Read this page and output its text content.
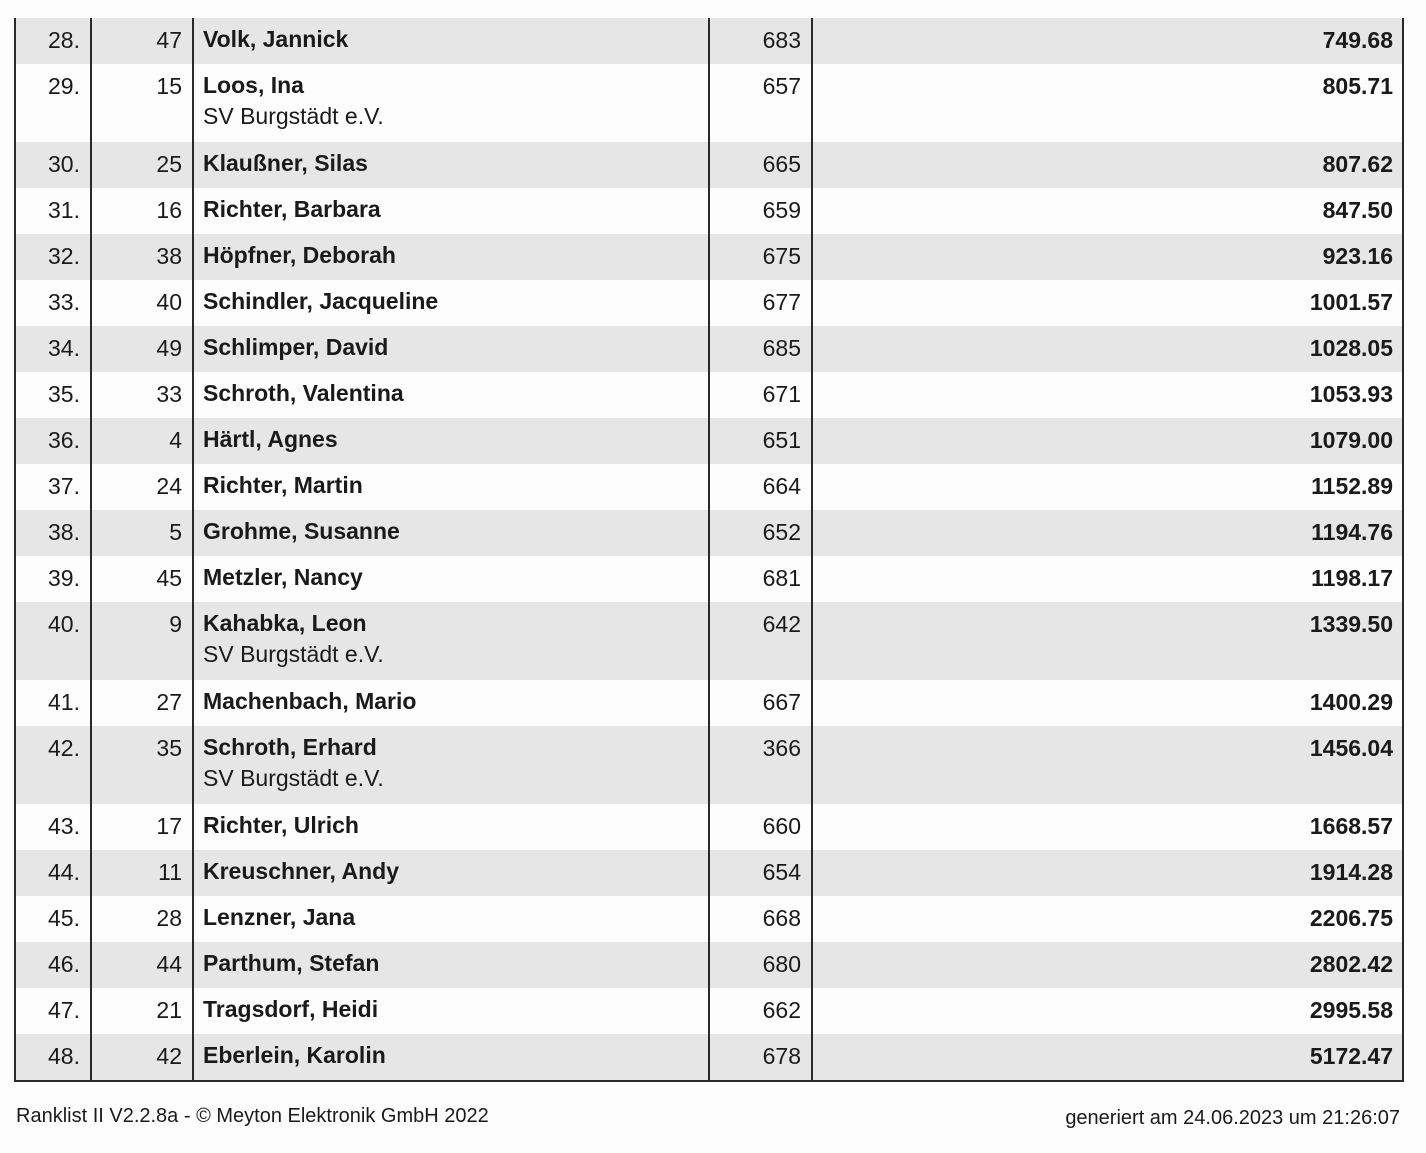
28.	47 Volk, Jannick	683	749.68
29.	15 Loos, Ina
SV Burgstädt e.V.
657	805.71
30.	25 Klaußner, Silas	665	807.62
31.	16 Richter, Barbara	659	847.50
32.	38 Höpfner, Deborah	675	923.16
33.	40 Schindler, Jacqueline	677	1001.57
34.	49 Schlimper, David	685	1028.05
35.	33 Schroth, Valentina	671	1053.93
36.	4 Härtl, Agnes	651	1079.00
37.	24 Richter, Martin	664	1152.89
38.	5 Grohme, Susanne	652	1194.76
39.	45 Metzler, Nancy	681	1198.17
40.	9 Kahabka, Leon
SV Burgstädt e.V.
642	1339.50
41.	27 Machenbach, Mario	667	1400.29
42.	35 Schroth, Erhard
SV Burgstädt e.V.
366	1456.04
43.	17 Richter, Ulrich	660	1668.57
44.	11 Kreuschner, Andy	654	1914.28
45.	28 Lenzner, Jana	668	2206.75
46.	44 Parthum, Stefan	680	2802.42
47.	21 Tragsdorf, Heidi	662	2995.58
48.	42 Eberlein, Karolin	678	5172.47
Ranklist II V2.2.8a - © Meyton Elektronik GmbH 2022	generiert am 24.06.2023 um 21:26:07
